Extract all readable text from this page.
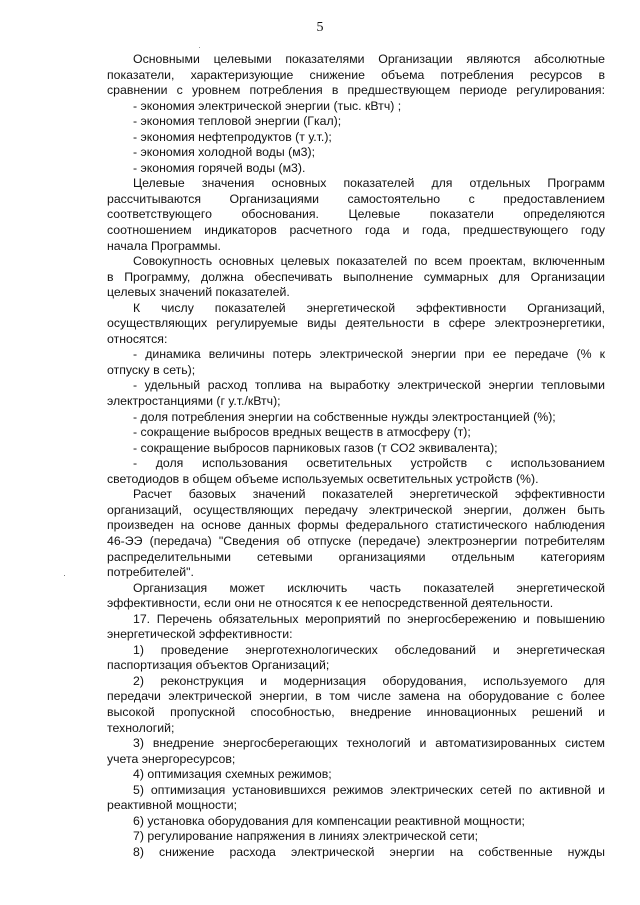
5
Основными целевыми показателями Организации являются абсолютные
показатели, характеризующие снижение объема потребления ресурсов в
сравнении с уровнем потребления в предшествующем периоде регулирования:
- экономия электрической энергии (тыс. кВтч) ;
- экономия тепловой энергии (Гкал);
- экономия нефтепродуктов (т у.т.);
- экономия холодной воды (м3);
- экономия горячей воды (м3).
Целевые значения основных показателей для отдельных Программ
рассчитываются Организациями самостоятельно с предоставлением
соответствующего обоснования. Целевые показатели определяются
соотношением индикаторов расчетного года и года, предшествующего году
начала Программы.
Совокупность основных целевых показателей по всем проектам, включенным
в Программу, должна обеспечивать выполнение суммарных для Организации
целевых значений показателей.
К числу показателей энергетической эффективности Организаций,
осуществляющих регулируемые виды деятельности в сфере электроэнергетики,
относятся:
- динамика величины потерь электрической энергии при ее передаче (% к
отпуску в сеть);
- удельный расход топлива на выработку электрической энергии тепловыми
электростанциями (г у.т./кВтч);
- доля потребления энергии на собственные нужды электростанцией (%);
- сокращение выбросов вредных веществ в атмосферу (т);
- сокращение выбросов парниковых газов (т СО2 эквивалента);
- доля использования осветительных устройств с использованием
светодиодов в общем объеме используемых осветительных устройств (%).
Расчет базовых значений показателей энергетической эффективности
организаций, осуществляющих передачу электрической энергии, должен быть
произведен на основе данных формы федерального статистического наблюдения
46-ЭЭ (передача) "Сведения об отпуске (передаче) электроэнергии потребителям
распределительными сетевыми организациями отдельным категориям
потребителей".
Организация может исключить часть показателей энергетической
эффективности, если они не относятся к ее непосредственной деятельности.
17. Перечень обязательных мероприятий по энергосбережению и повышению
энергетической эффективности:
1) проведение энерготехнологических обследований и энергетическая
паспортизация объектов Организаций;
2) реконструкция и модернизация оборудования, используемого для
передачи электрической энергии, в том числе замена на оборудование с более
высокой пропускной способностью, внедрение инновационных решений и
технологий;
3) внедрение энергосберегающих технологий и автоматизированных систем
учета энергоресурсов;
4) оптимизация схемных режимов;
5) оптимизация установившихся режимов электрических сетей по активной и
реактивной мощности;
6) установка оборудования для компенсации реактивной мощности;
7) регулирование напряжения в линиях электрической сети;
8) снижение расхода электрической энергии на собственные нужды
